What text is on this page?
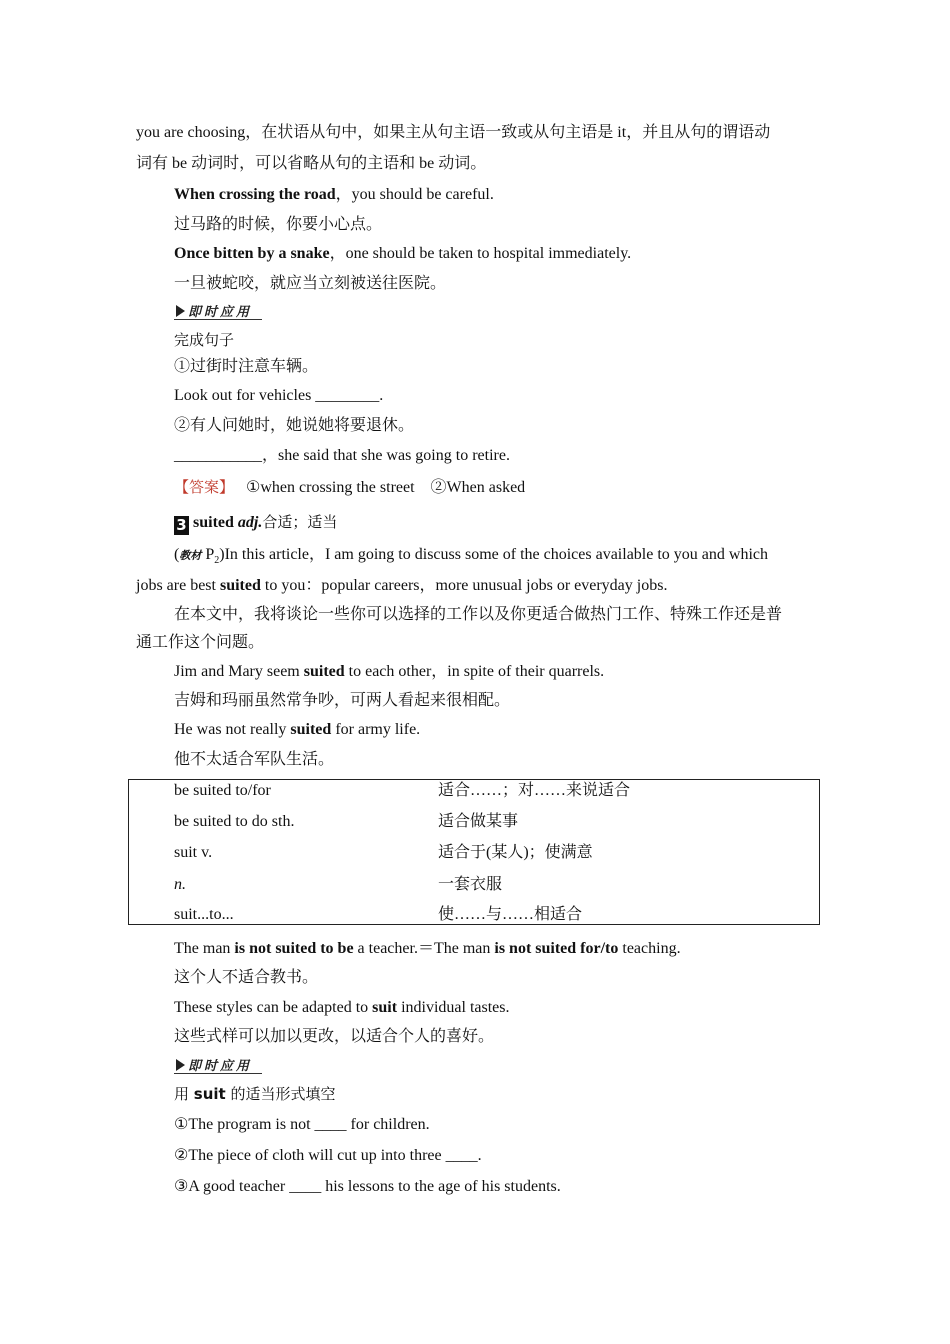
you are choosing，在状语从句中，如果主从句主语一致或从句主语是 it，并且从句的谓语动
词有 be 动词时，可以省略从句的主语和 be 动词。
When crossing the road，you should be careful.
过马路的时候，你要小心点。
Once bitten by a snake，one should be taken to hospital immediately.
一旦被蛇咬，就应当立刻被送往医院。
即时应用
完成句子
①过街时注意车辆。
Look out for vehicles ________.
②有人问她时，她说她将要退休。
___________，she said that she was going to retire.
【答案】 ①when crossing the street　②When asked
3 suited adj.合适；适当
(教材 $P_2)In$ this article，I am going to discuss some of the choices available to you and which
jobs are best suited to you：popular careers，more unusual jobs or everyday jobs.
在本文中，我将谈论一些你可以选择的工作以及你更适合做热门工作、特殊工作还是普
通工作这个问题。
Jim and Mary seem suited to each other，in spite of their quarrels.
吉姆和玛丽虽然常争吵，可两人看起来很相配。
He was not really suited for army life.
他不太适合军队生活。
be suited to/for	适合……；对……来说适合
be suited to do sth.	适合做某事
suit v.	适合于(某人)；使满意
n.	一套衣服
suit...to...	使……与……相适合
The man is not suited to be a teacher.＝The man is not suited for/to teaching.
这个人不适合教书。
These styles can be adapted to suit individual tastes.
这些式样可以加以更改，以适合个人的喜好。
即时应用
用 suit 的适当形式填空
①The program is not ____ for children.
②The piece of cloth will cut up into three ____.
③A good teacher ____ his lessons to the age of his students.
